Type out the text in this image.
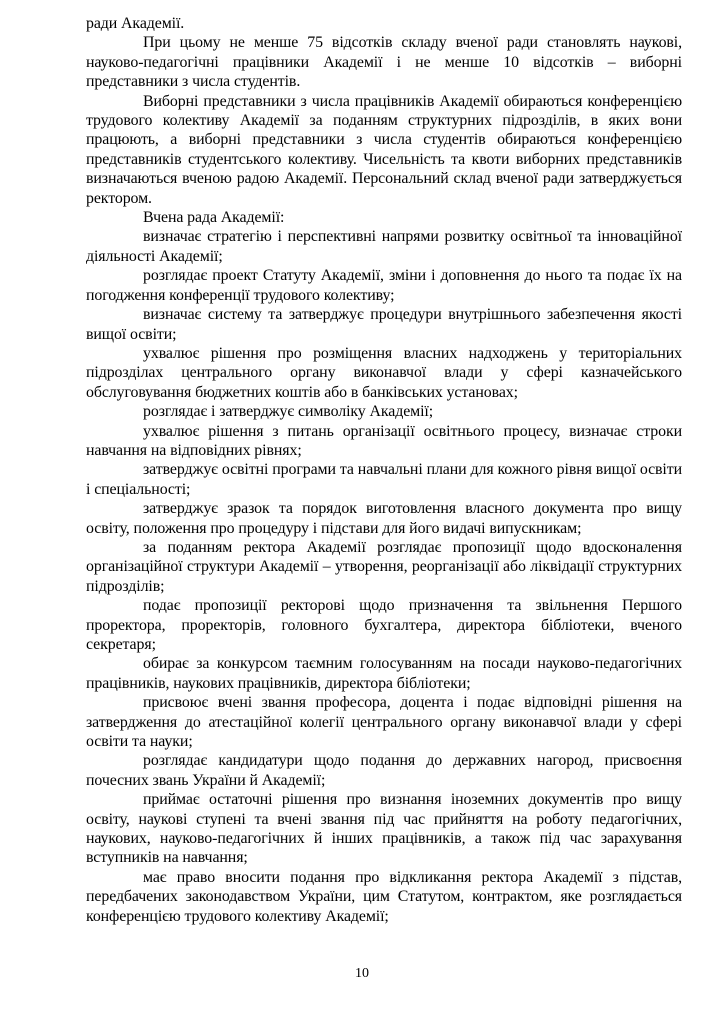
ради Академії.

При цьому не менше 75 відсотків складу вченої ради становлять наукові, науково-педагогічні працівники Академії і не менше 10 відсотків – виборні представники з числа студентів.

Виборні представники з числа працівників Академії обираються конференцією трудового колективу Академії за поданням структурних підрозділів, в яких вони працюють, а виборні представники з числа студентів обираються конференцією представників студентського колективу. Чисельність та квоти виборних представників визначаються вченою радою Академії. Персональний склад вченої ради затверджується ректором.

Вчена рада Академії:

визначає стратегію і перспективні напрями розвитку освітньої та інноваційної діяльності Академії;

розглядає проект Статуту Академії, зміни і доповнення до нього та подає їх на погодження конференції трудового колективу;

визначає систему та затверджує процедури внутрішнього забезпечення якості вищої освіти;

ухвалює рішення про розміщення власних надходжень у територіальних підрозділах центрального органу виконавчої влади у сфері казначейського обслуговування бюджетних коштів або в банківських установах;

розглядає і затверджує символіку Академії;

ухвалює рішення з питань організації освітнього процесу, визначає строки навчання на відповідних рівнях;

затверджує освітні програми та навчальні плани для кожного рівня вищої освіти і спеціальності;

затверджує зразок та порядок виготовлення власного документа про вищу освіту, положення про процедуру і підстави для його видачі випускникам;

за поданням ректора Академії розглядає пропозиції щодо вдосконалення організаційної структури Академії – утворення, реорганізації або ліквідації структурних підрозділів;

подає пропозиції ректорові щодо призначення та звільнення Першого проректора, проректорів, головного бухгалтера, директора бібліотеки, вченого секретаря;

обирає за конкурсом таємним голосуванням на посади науково-педагогічних працівників, наукових працівників, директора бібліотеки;

присвоює вчені звання професора, доцента і подає відповідні рішення на затвердження до атестаційної колегії центрального органу виконавчої влади у сфері освіти та науки;

розглядає кандидатури щодо подання до державних нагород, присвоєння почесних звань України й Академії;

приймає остаточні рішення про визнання іноземних документів про вищу освіту, наукові ступені та вчені звання під час прийняття на роботу педагогічних, наукових, науково-педагогічних й інших працівників, а також під час зарахування вступників на навчання;

має право вносити подання про відкликання ректора Академії з підстав, передбачених законодавством України, цим Статутом, контрактом, яке розглядається конференцією трудового колективу Академії;

10
